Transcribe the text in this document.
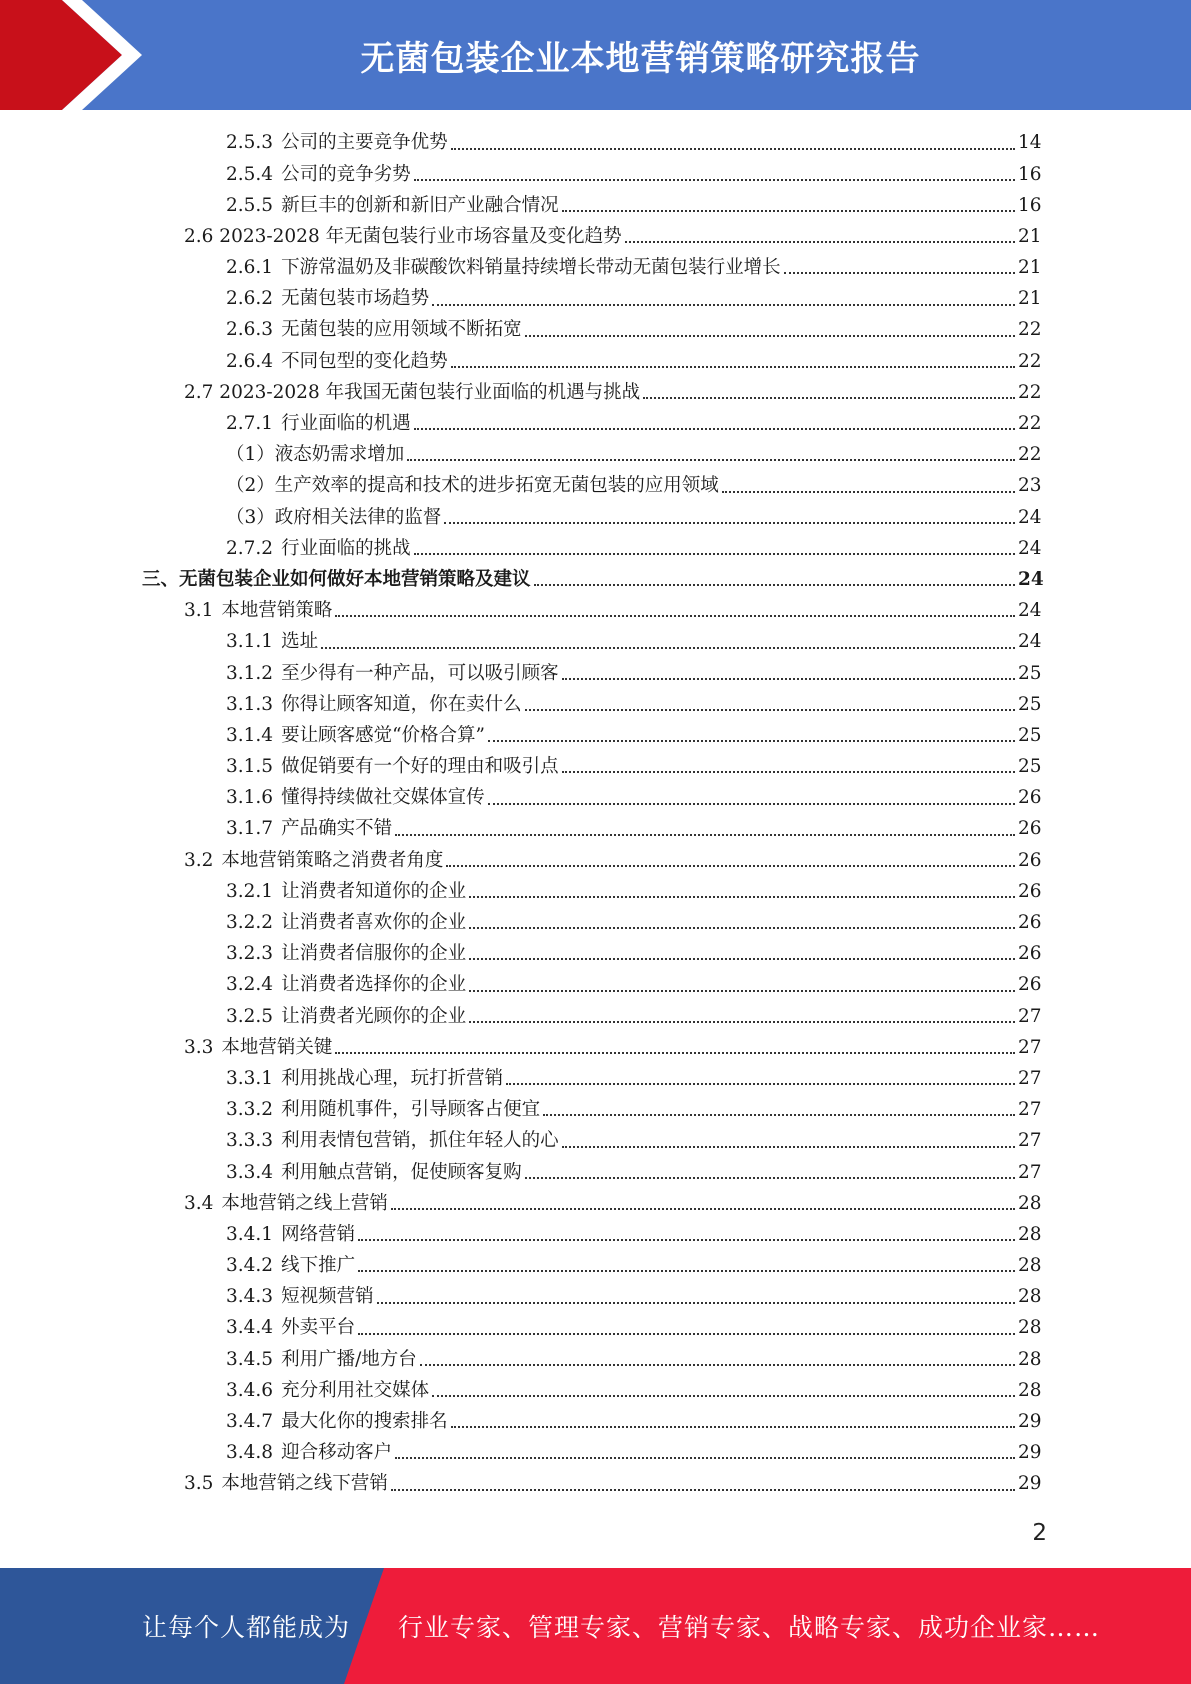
无菌包装企业本地营销策略研究报告
2.5.3 公司的主要竞争优势	14
2.5.4 公司的竞争劣势	16
2.5.5 新巨丰的创新和新旧产业融合情况	16
2.6 2023-2028 年无菌包装行业市场容量及变化趋势	21
2.6.1 下游常温奶及非碳酸饮料销量持续增长带动无菌包装行业增长	21
2.6.2 无菌包装市场趋势	21
2.6.3 无菌包装的应用领域不断拓宽	22
2.6.4 不同包型的变化趋势	22
2.7 2023-2028 年我国无菌包装行业面临的机遇与挑战	22
2.7.1 行业面临的机遇	22
（1）液态奶需求增加	22
（2）生产效率的提高和技术的进步拓宽无菌包装的应用领域	23
（3）政府相关法律的监督	24
2.7.2 行业面临的挑战	24
三、无菌包装企业如何做好本地营销策略及建议	24
3.1 本地营销策略	24
3.1.1 选址	24
3.1.2 至少得有一种产品，可以吸引顾客	25
3.1.3 你得让顾客知道，你在卖什么	25
3.1.4 要让顾客感觉“价格合算”	25
3.1.5 做促销要有一个好的理由和吸引点	25
3.1.6 懂得持续做社交媒体宣传	26
3.1.7 产品确实不错	26
3.2 本地营销策略之消费者角度	26
3.2.1 让消费者知道你的企业	26
3.2.2 让消费者喜欢你的企业	26
3.2.3 让消费者信服你的企业	26
3.2.4 让消费者选择你的企业	26
3.2.5 让消费者光顾你的企业	27
3.3 本地营销关键	27
3.3.1 利用挑战心理，玩打折营销	27
3.3.2 利用随机事件，引导顾客占便宜	27
3.3.3 利用表情包营销，抓住年轻人的心	27
3.3.4 利用触点营销，促使顾客复购	27
3.4 本地营销之线上营销	28
3.4.1 网络营销	28
3.4.2 线下推广	28
3.4.3 短视频营销	28
3.4.4 外卖平台	28
3.4.5 利用广播/地方台	28
3.4.6 充分利用社交媒体	28
3.4.7 最大化你的搜索排名	29
3.4.8 迎合移动客户	29
3.5 本地营销之线下营销	29
2
让每个人都能成为 行业专家、管理专家、营销专家、战略专家、成功企业家……
